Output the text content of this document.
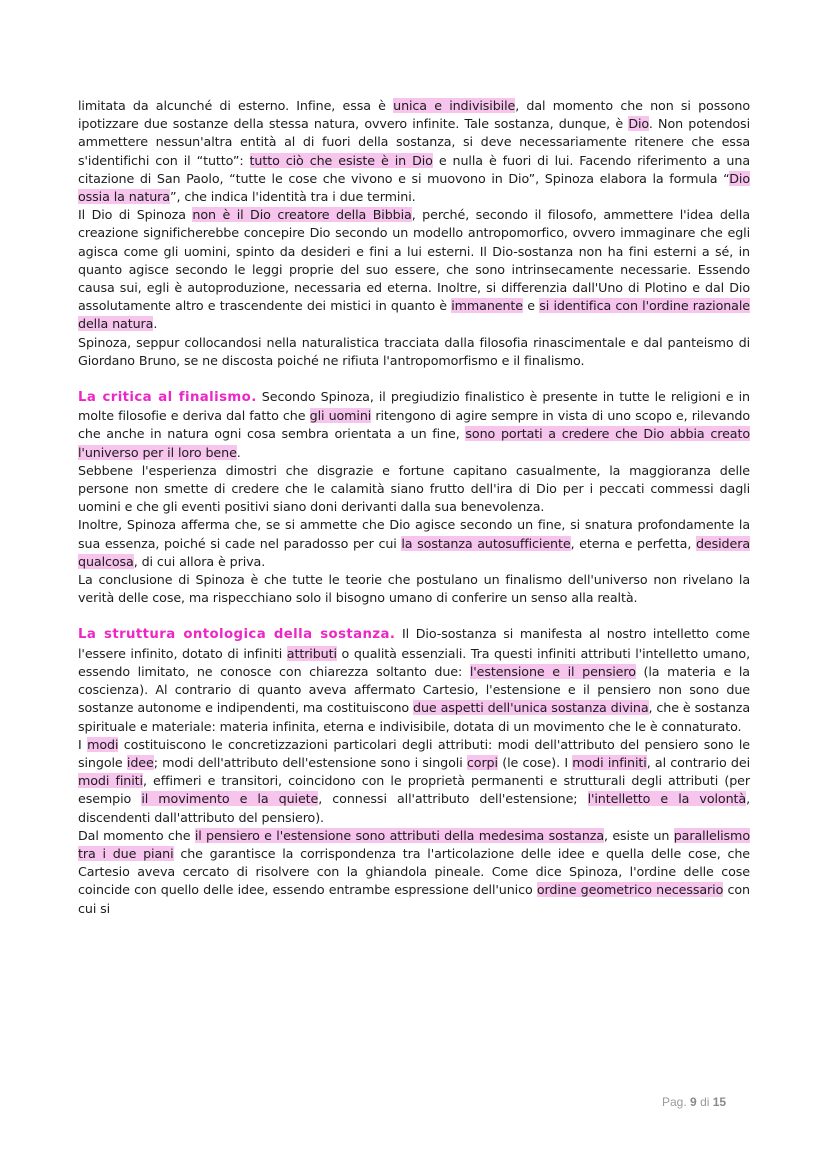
limitata da alcunché di esterno. Infine, essa è unica e indivisibile, dal momento che non si possono ipotizzare due sostanze della stessa natura, ovvero infinite. Tale sostanza, dunque, è Dio. Non potendosi ammettere nessun'altra entità al di fuori della sostanza, si deve necessariamente ritenere che essa s'identifichi con il “tutto”: tutto ciò che esiste è in Dio e nulla è fuori di lui. Facendo riferimento a una citazione di San Paolo, “tutte le cose che vivono e si muovono in Dio”, Spinoza elabora la formula “Dio ossia la natura”, che indica l'identità tra i due termini.

Il Dio di Spinoza non è il Dio creatore della Bibbia, perché, secondo il filosofo, ammettere l'idea della creazione significherebbe concepire Dio secondo un modello antropomorfico, ovvero immaginare che egli agisca come gli uomini, spinto da desideri e fini a lui esterni. Il Dio-sostanza non ha fini esterni a sé, in quanto agisce secondo le leggi proprie del suo essere, che sono intrinsecamente necessarie. Essendo causa sui, egli è autoproduzione, necessaria ed eterna. Inoltre, si differenzia dall'Uno di Plotino e dal Dio assolutamente altro e trascendente dei mistici in quanto è immanente e si identifica con l'ordine razionale della natura.

Spinoza, seppur collocandosi nella naturalistica tracciata dalla filosofia rinascimentale e dal panteismo di Giordano Bruno, se ne discosta poiché ne rifiuta l'antropomorfismo e il finalismo.

La critica al finalismo. Secondo Spinoza, il pregiudizio finalistico è presente in tutte le religioni e in molte filosofie e deriva dal fatto che gli uomini ritengono di agire sempre in vista di uno scopo e, rilevando che anche in natura ogni cosa sembra orientata a un fine, sono portati a credere che Dio abbia creato l'universo per il loro bene.

Sebbene l'esperienza dimostri che disgrazie e fortune capitano casualmente, la maggioranza delle persone non smette di credere che le calamità siano frutto dell'ira di Dio per i peccati commessi dagli uomini e che gli eventi positivi siano doni derivanti dalla sua benevolenza.

Inoltre, Spinoza afferma che, se si ammette che Dio agisce secondo un fine, si snatura profondamente la sua essenza, poiché si cade nel paradosso per cui la sostanza autosufficiente, eterna e perfetta, desidera qualcosa, di cui allora è priva.

La conclusione di Spinoza è che tutte le teorie che postulano un finalismo dell'universo non rivelano la verità delle cose, ma rispecchiano solo il bisogno umano di conferire un senso alla realtà.

La struttura ontologica della sostanza. Il Dio-sostanza si manifesta al nostro intelletto come l'essere infinito, dotato di infiniti attributi o qualità essenziali. Tra questi infiniti attributi l'intelletto umano, essendo limitato, ne conosce con chiarezza soltanto due: l'estensione e il pensiero (la materia e la coscienza). Al contrario di quanto aveva affermato Cartesio, l'estensione e il pensiero non sono due sostanze autonome e indipendenti, ma costituiscono due aspetti dell'unica sostanza divina, che è sostanza spirituale e materiale: materia infinita, eterna e indivisibile, dotata di un movimento che le è connaturato.

I modi costituiscono le concretizzazioni particolari degli attributi: modi dell'attributo del pensiero sono le singole idee; modi dell'attributo dell'estensione sono i singoli corpi (le cose). I modi infiniti, al contrario dei modi finiti, effimeri e transitori, coincidono con le proprietà permanenti e strutturali degli attributi (per esempio il movimento e la quiete, connessi all'attributo dell'estensione; l'intelletto e la volontà, discendenti dall'attributo del pensiero).

Dal momento che il pensiero e l'estensione sono attributi della medesima sostanza, esiste un parallelismo tra i due piani che garantisce la corrispondenza tra l'articolazione delle idee e quella delle cose, che Cartesio aveva cercato di risolvere con la ghiandola pineale. Come dice Spinoza, l'ordine delle cose coincide con quello delle idee, essendo entrambe espressione dell'unico ordine geometrico necessario con cui si

Pag. 9 di 15
